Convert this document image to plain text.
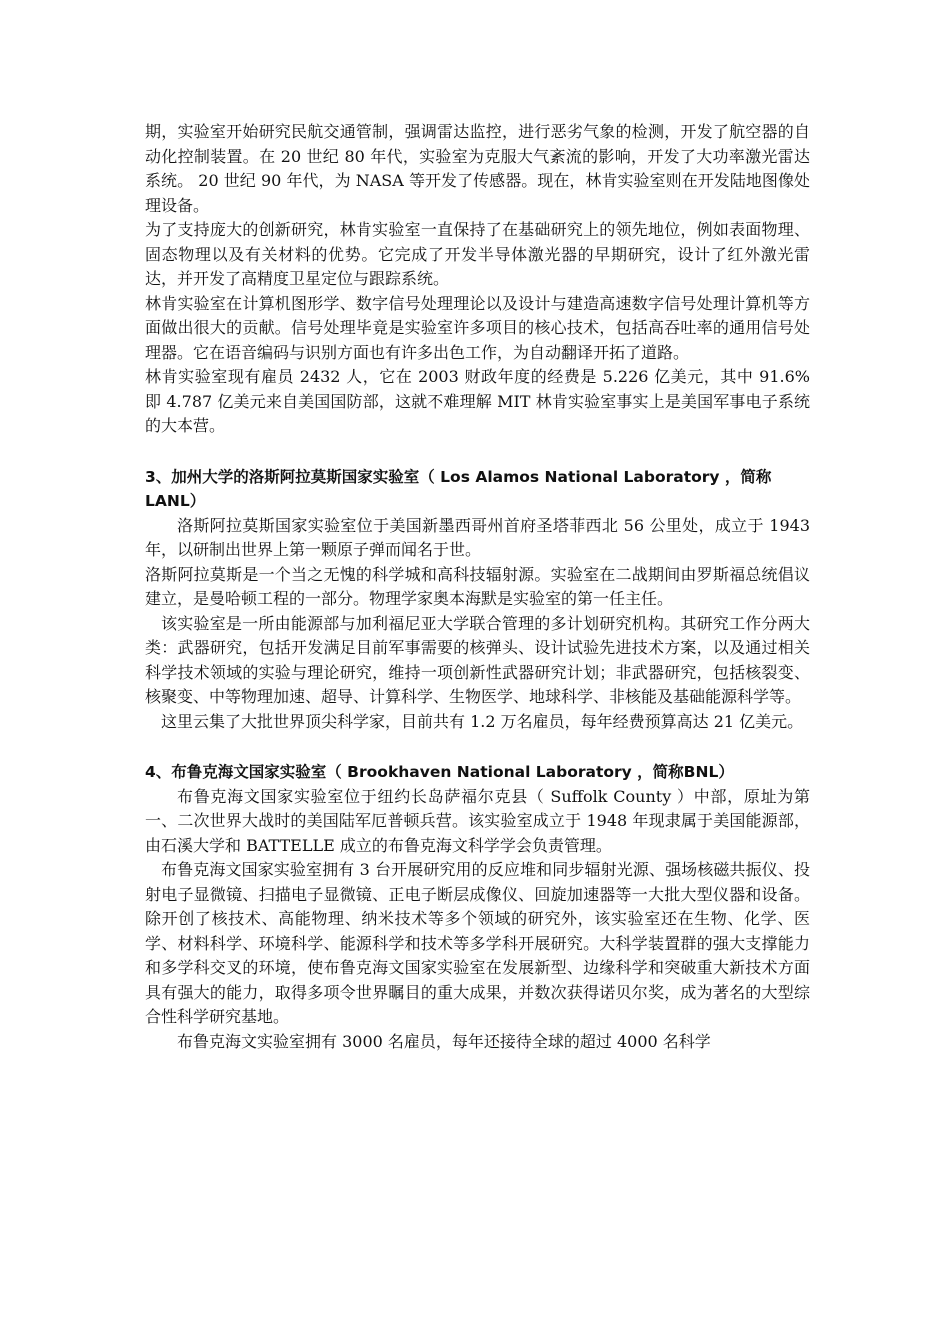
期，实验室开始研究民航交通管制，强调雷达监控，进行恶劣气象的检测，开发了航空器的自动化控制装置。在 20 世纪 80 年代，实验室为克服大气紊流的影响，开发了大功率激光雷达系统。 20 世纪 90 年代，为 NASA 等开发了传感器。现在，林肯实验室则在开发陆地图像处理设备。

为了支持庞大的创新研究，林肯实验室一直保持了在基础研究上的领先地位，例如表面物理、固态物理以及有关材料的优势。它完成了开发半导体激光器的早期研究，设计了红外激光雷达，并开发了高精度卫星定位与跟踪系统。

林肯实验室在计算机图形学、数字信号处理理论以及设计与建造高速数字信号处理计算机等方面做出很大的贡献。信号处理毕竟是实验室许多项目的核心技术，包括高吞吐率的通用信号处理器。它在语音编码与识别方面也有许多出色工作，为自动翻译开拓了道路。

林肯实验室现有雇员 2432 人，它在 2003 财政年度的经费是 5.226 亿美元，其中 91.6% 即 4.787 亿美元来自美国国防部，这就不难理解 MIT 林肯实验室事实上是美国军事电子系统的大本营。

3、加州大学的洛斯阿拉莫斯国家实验室（ Los Alamos National Laboratory ，简称LANL）

洛斯阿拉莫斯国家实验室位于美国新墨西哥州首府圣塔菲西北 56 公里处，成立于 1943 年，以研制出世界上第一颗原子弹而闻名于世。

洛斯阿拉莫斯是一个当之无愧的科学城和高科技辐射源。实验室在二战期间由罗斯福总统倡议建立，是曼哈顿工程的一部分。物理学家奥本海默是实验室的第一任主任。

该实验室是一所由能源部与加利福尼亚大学联合管理的多计划研究机构。其研究工作分两大类：武器研究，包括开发满足目前军事需要的核弹头、设计试验先进技术方案，以及通过相关科学技术领域的实验与理论研究，维持一项创新性武器研究计划；非武器研究，包括核裂变、核聚变、中等物理加速、超导、计算科学、生物医学、地球科学、非核能及基础能源科学等。

这里云集了大批世界顶尖科学家，目前共有 1.2 万名雇员，每年经费预算高达 21 亿美元。

4、布鲁克海文国家实验室（ Brookhaven National Laboratory ，简称BNL）

布鲁克海文国家实验室位于纽约长岛萨福尔克县（ Suffolk County ）中部，原址为第一、二次世界大战时的美国陆军厄普顿兵营。该实验室成立于 1948 年现隶属于美国能源部，由石溪大学和 BATTELLE 成立的布鲁克海文科学学会负责管理。

布鲁克海文国家实验室拥有 3 台开展研究用的反应堆和同步辐射光源、强场核磁共振仪、投射电子显微镜、扫描电子显微镜、正电子断层成像仪、回旋加速器等一大批大型仪器和设备。除开创了核技术、高能物理、纳米技术等多个领域的研究外，该实验室还在生物、化学、医学、材料科学、环境科学、能源科学和技术等多学科开展研究。大科学装置群的强大支撑能力和多学科交叉的环境，使布鲁克海文国家实验室在发展新型、边缘科学和突破重大新技术方面具有强大的能力，取得多项令世界瞩目的重大成果，并数次获得诺贝尔奖，成为著名的大型综合性科学研究基地。

布鲁克海文实验室拥有 3000 名雇员，每年还接待全球的超过 4000 名科学
